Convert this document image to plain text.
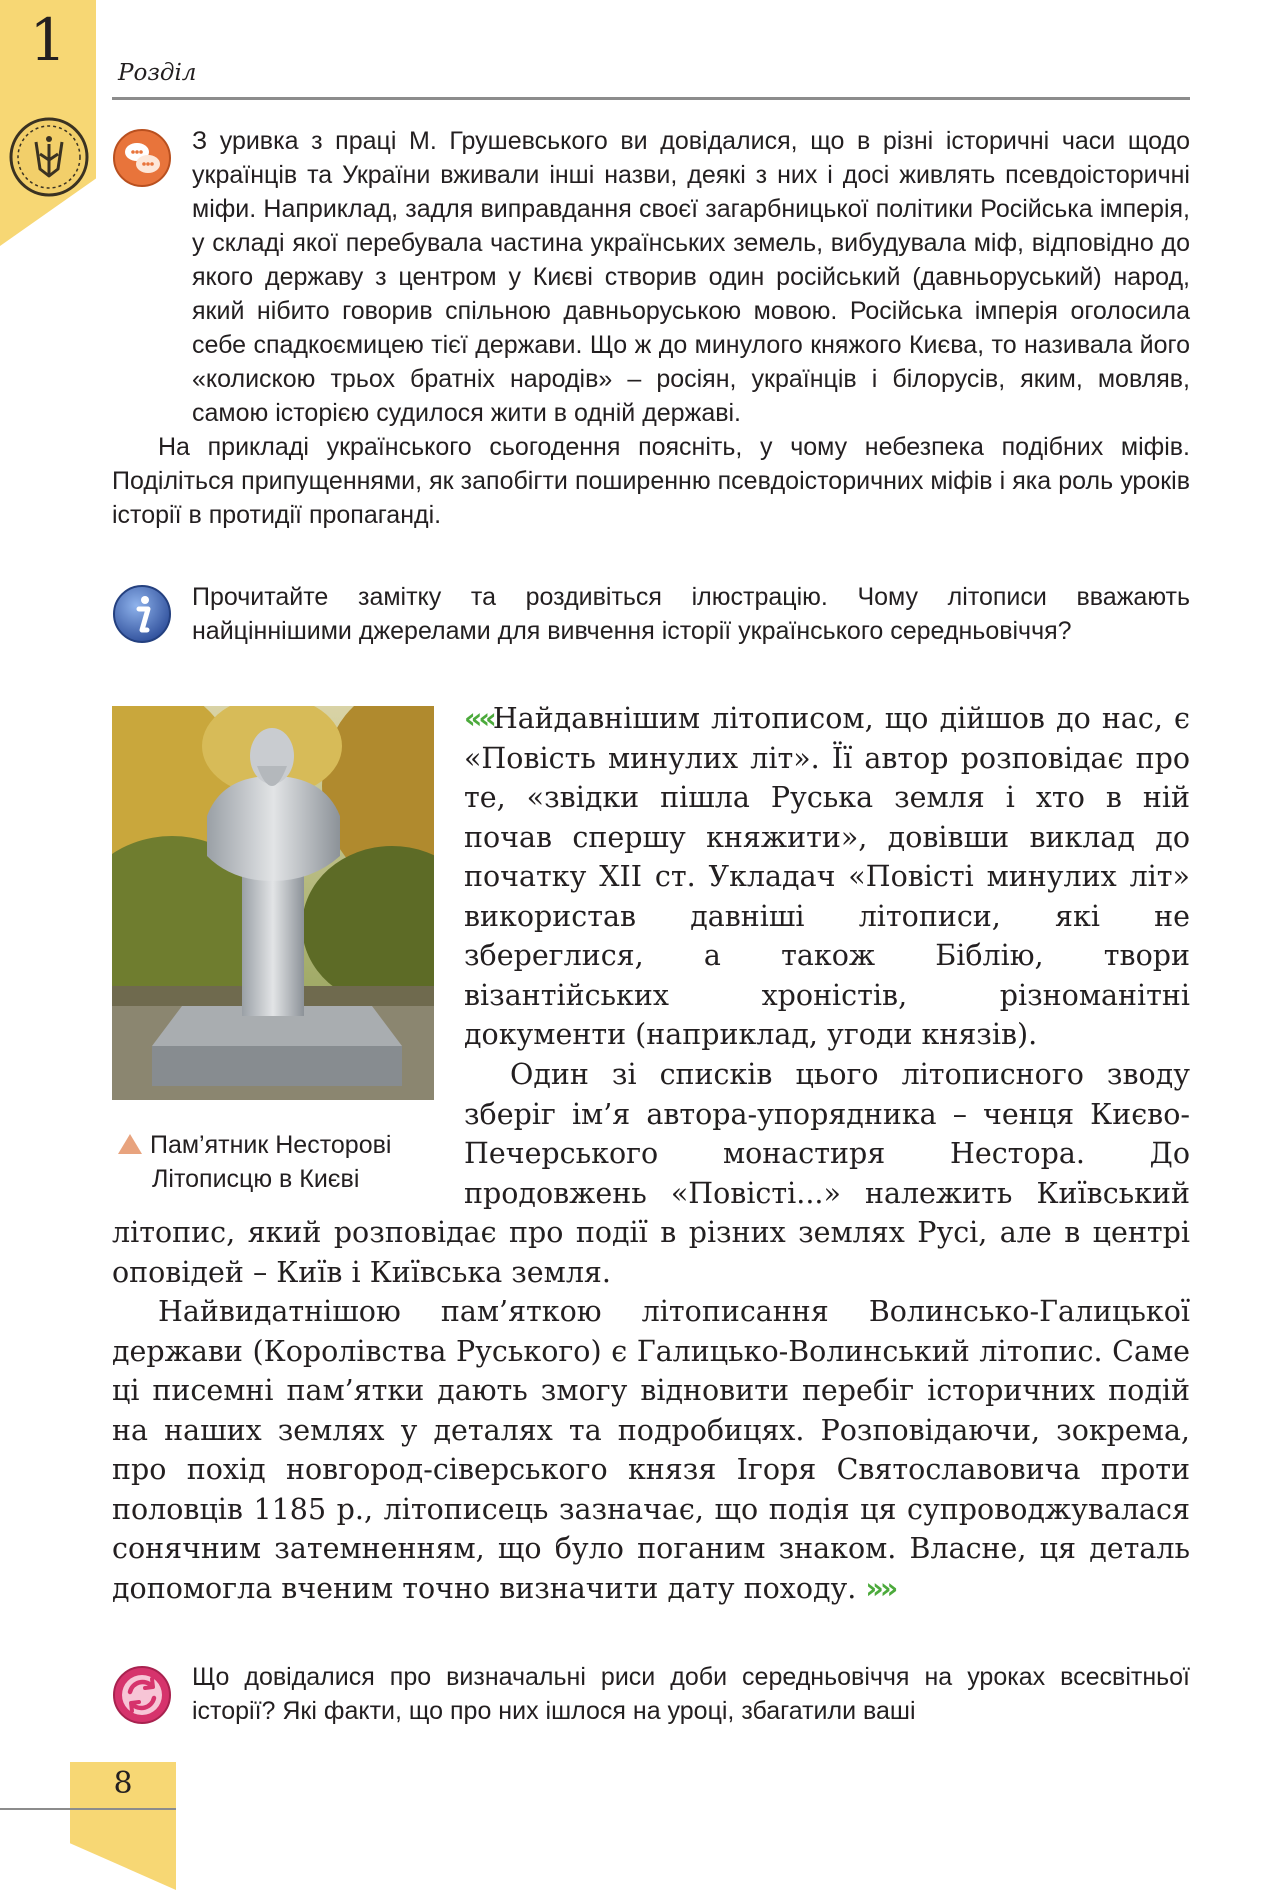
1	Розділ

З уривка з праці М. Грушевського ви довідалися, що в різні історичні часи щодо українців та України вживали інші назви, деякі з них і досі живлять псевдоісторичні міфи. Наприклад, задля виправдання своєї загарбницької політики Російська імперія, у складі якої перебувала частина українських земель, вибудувала міф, відповідно до якого державу з центром у Києві створив один російський (давньоруський) народ, який нібито говорив спільною давньоруською мовою. Російська імперія оголосила себе спадкоємицею тієї держави. Що ж до минулого княжого Києва, то називала його «колискою трьох братніх народів» – росіян, українців і білорусів, яким, мовляв, самою історією судилося жити в одній державі.

На прикладі українського сьогодення поясніть, у чому небезпека подібних міфів. Поділіться припущеннями, як запобігти поширенню псевдоісторичних міфів і яка роль уроків історії в протидії пропаганді.

Прочитайте замітку та роздивіться ілюстрацію. Чому літописи вважають найціннішими джерелами для вивчення історії українського середньовіччя?

Пам’ятник Несторові
Літописцю в Києві

««Найдавнішим літописом, що дійшов до нас, є «Повість минулих літ». Її автор розповідає про те, «звідки пішла Руська земля і хто в ній почав спершу княжити», довівши виклад до початку XII ст. Укладач «Повісті минулих літ» використав давніші літописи, які не збереглися, а також Біблію, твори візантійських хроністів, різноманітні документи (наприклад, угоди князів).

Один зі списків цього літописного зводу зберіг ім’я автора-упорядника – ченця Києво-Печерського монастиря Нестора. До продовжень «Повісті...» належить Київський літопис, який розповідає про події в різних землях Русі, але в центрі оповідей – Київ і Київська земля.

Найвидатнішою пам’яткою літописання Волинсько-Галицької держави (Королівства Руського) є Галицько-Волинський літопис. Саме ці писемні пам’ятки дають змогу відновити перебіг історичних подій на наших землях у деталях та подробицях. Розповідаючи, зокрема, про похід новгород-сіверського князя Ігоря Святославовича проти половців 1185 р., літописець зазначає, що подія ця супроводжувалася сонячним затемненням, що було поганим знаком. Власне, ця деталь допомогла вченим точно визначити дату походу. »»

Що довідалися про визначальні риси доби середньовіччя на уроках всесвітньої історії? Які факти, що про них ішлося на уроці, збагатили ваші

8
